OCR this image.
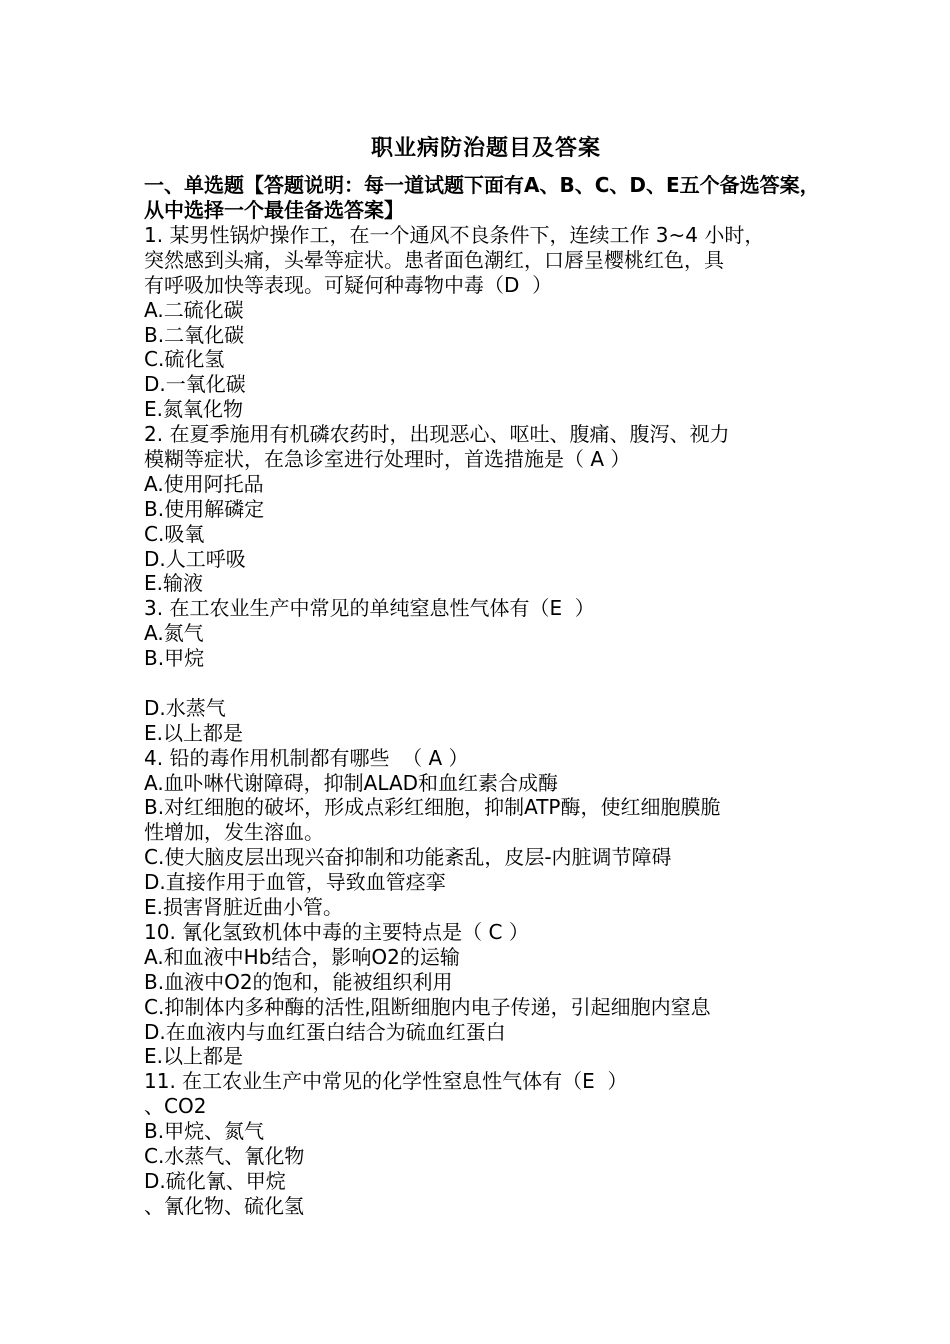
职业病防治题目及答案
一、单选题【答题说明：每一道试题下面有A、B、C、D、E五个备选答案，从中选择一个最佳备选答案】
1. 某男性锅炉操作工，在一个通风不良条件下，连续工作 3~4 小时，
突然感到头痛，头晕等症状。患者面色潮红，口唇呈樱桃红色，具
有呼吸加快等表现。可疑何种毒物中毒（D  ）
A.二硫化碳
B.二氧化碳
C.硫化氢
D.一氧化碳
E.氮氧化物
2. 在夏季施用有机磷农药时，出现恶心、呕吐、腹痛、腹泻、视力
模糊等症状，在急诊室进行处理时，首选措施是（ A ）
A.使用阿托品
B.使用解磷定
C.吸氧
D.人工呼吸
E.输液
3. 在工农业生产中常见的单纯窒息性气体有（E  ）
A.氮气
B.甲烷
D.水蒸气
E.以上都是
4. 铅的毒作用机制都有哪些  （ A ）
A.血卟啉代谢障碍，抑制ALAD和血红素合成酶
B.对红细胞的破坏，形成点彩红细胞，抑制ATP酶，使红细胞膜脆
性增加，发生溶血。
C.使大脑皮层出现兴奋抑制和功能紊乱，皮层-内脏调节障碍
D.直接作用于血管，导致血管痉挛
E.损害肾脏近曲小管。
10. 氰化氢致机体中毒的主要特点是（ C ）
A.和血液中Hb结合，影响O2的运输
B.血液中O2的饱和，能被组织利用
C.抑制体内多种酶的活性,阻断细胞内电子传递，引起细胞内窒息
D.在血液内与血红蛋白结合为硫血红蛋白
E.以上都是
11. 在工农业生产中常见的化学性窒息性气体有（E  ）
、CO2
B.甲烷、氮气
C.水蒸气、氰化物
D.硫化氰、甲烷
、氰化物、硫化氢
